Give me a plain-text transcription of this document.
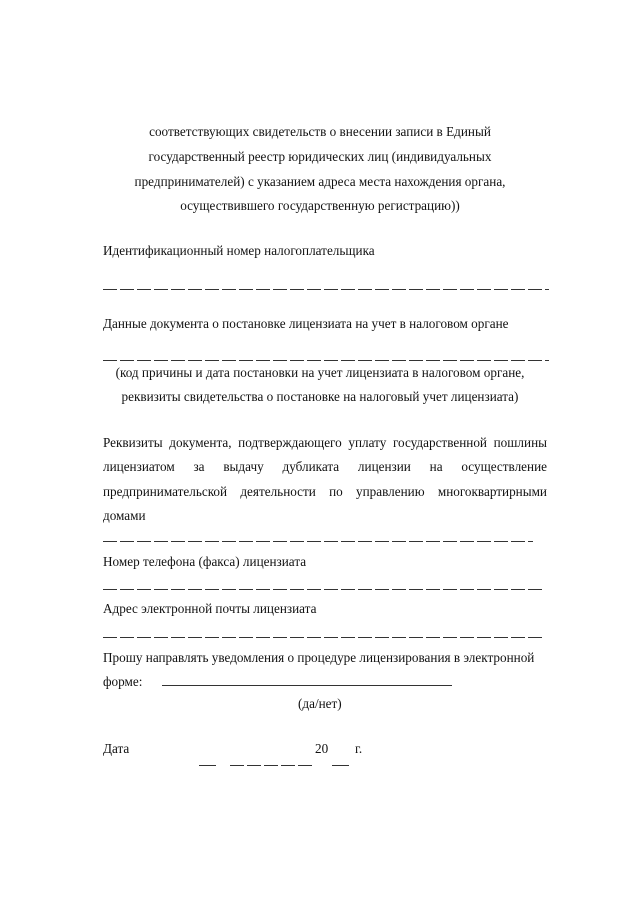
соответствующих свидетельств о внесении записи в Единый
государственный реестр юридических лиц (индивидуальных
предпринимателей) с указанием адреса места нахождения органа,
осуществившего государственную регистрацию))
Идентификационный номер налогоплательщика
Данные документа о постановке лицензиата на учет в налоговом органе
(код причины и дата постановки на учет лицензиата в налоговом органе,
реквизиты свидетельства о постановке на налоговый учет лицензиата)
Реквизиты документа, подтверждающего уплату государственной пошлины
лицензиатом за выдачу дубликата лицензии на осуществление
предпринимательской деятельности по управлению многоквартирными
домами
Номер телефона (факса) лицензиата
Адрес электронной почты лицензиата
Прошу направлять уведомления о процедуре лицензирования в электронной
форме:
(да/нет)
Дата	20 г.
